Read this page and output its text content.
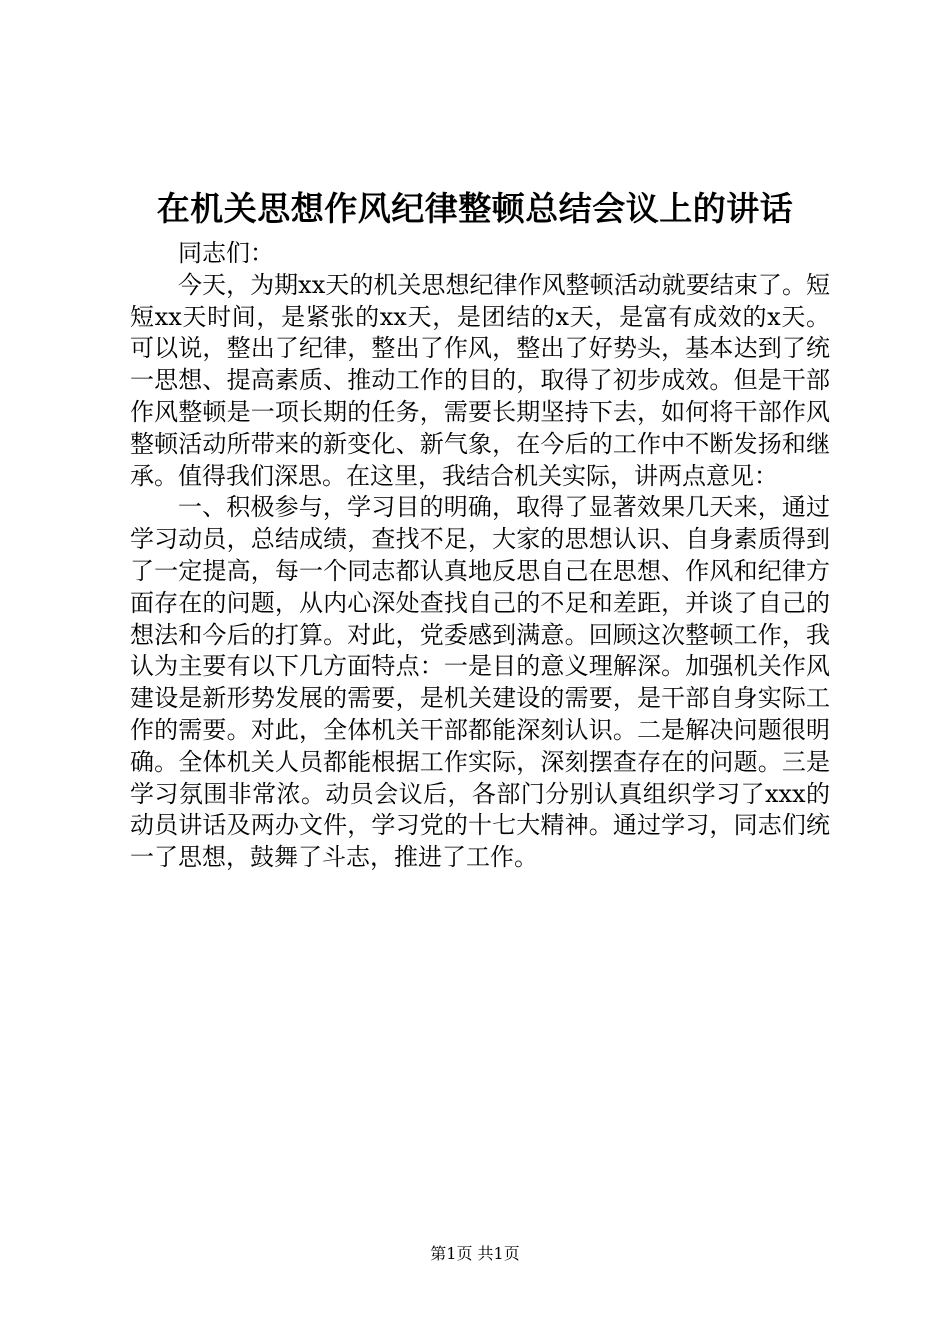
在机关思想作风纪律整顿总结会议上的讲话

同志们：

今天，为期xx天的机关思想纪律作风整顿活动就要结束了。短短xx天时间，是紧张的xx天，是团结的x天，是富有成效的x天。可以说，整出了纪律，整出了作风，整出了好势头，基本达到了统一思想、提高素质、推动工作的目的，取得了初步成效。但是干部作风整顿是一项长期的任务，需要长期坚持下去，如何将干部作风整顿活动所带来的新变化、新气象，在今后的工作中不断发扬和继承。值得我们深思。在这里，我结合机关实际，讲两点意见：

一、积极参与，学习目的明确，取得了显著效果几天来，通过学习动员，总结成绩，查找不足，大家的思想认识、自身素质得到了一定提高，每一个同志都认真地反思自己在思想、作风和纪律方面存在的问题，从内心深处查找自己的不足和差距，并谈了自己的想法和今后的打算。对此，党委感到满意。回顾这次整顿工作，我认为主要有以下几方面特点：一是目的意义理解深。加强机关作风建设是新形势发展的需要，是机关建设的需要，是干部自身实际工作的需要。对此，全体机关干部都能深刻认识。二是解决问题很明确。全体机关人员都能根据工作实际，深刻摆查存在的问题。三是学习氛围非常浓。动员会议后，各部门分别认真组织学习了xxx的动员讲话及两办文件，学习党的十七大精神。通过学习，同志们统一了思想，鼓舞了斗志，推进了工作。

第1页 共1页
